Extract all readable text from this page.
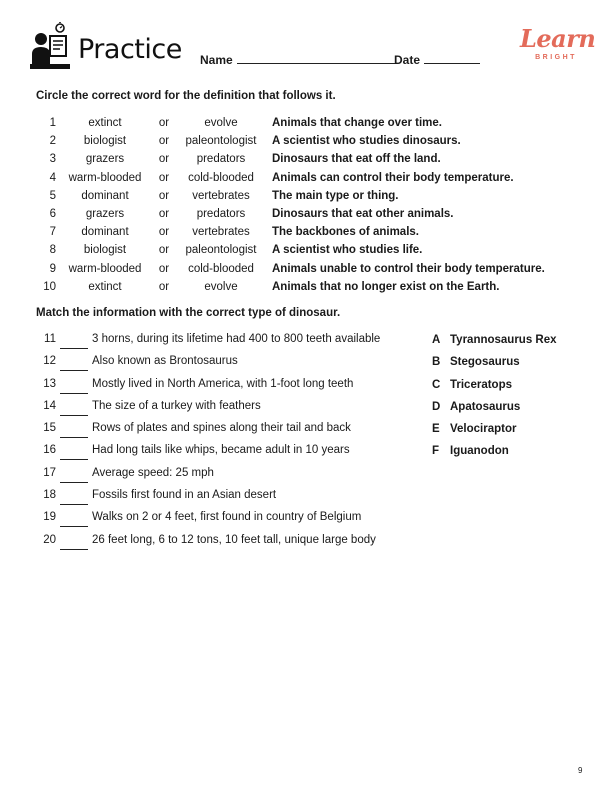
Practice Name	Date
Learn
BRIGHT
Circle the correct word for the definition that follows it.
1	extinct	or	evolve	Animals that change over time.
2	biologist	or	paleontologist	A scientist who studies dinosaurs.
3	grazers	or	predators	Dinosaurs that eat off the land.
4 warm-blooded	or	cold-blooded	Animals can control their body temperature.
5	dominant	or	vertebrates	The main type or thing.
6	grazers	or	predators	Dinosaurs that eat other animals.
7	dominant	or	vertebrates	The backbones of animals.
8	biologist	or	paleontologist	A scientist who studies life.
9 warm-blooded	or	cold-blooded	Animals unable to control their body temperature.
10	extinct	or	evolve	Animals that no longer exist on the Earth.
Match the information with the correct type of dinosaur.
11	3 horns, during its lifetime had 400 to 800 teeth available
12	Also known as Brontosaurus
13	Mostly lived in North America, with 1-foot long teeth
14	The size of a turkey with feathers
15	Rows of plates and spines along their tail and back
16	Had long tails like whips, became adult in 10 years
17	Average speed: 25 mph
18	Fossils first found in an Asian desert
19	Walks on 2 or 4 feet, first found in country of Belgium
20	26 feet long, 6 to 12 tons, 10 feet tall, unique large body
A Tyrannosaurus Rex
B Stegosaurus
C Triceratops
D Apatosaurus
E Velociraptor
F Iguanodon
9
